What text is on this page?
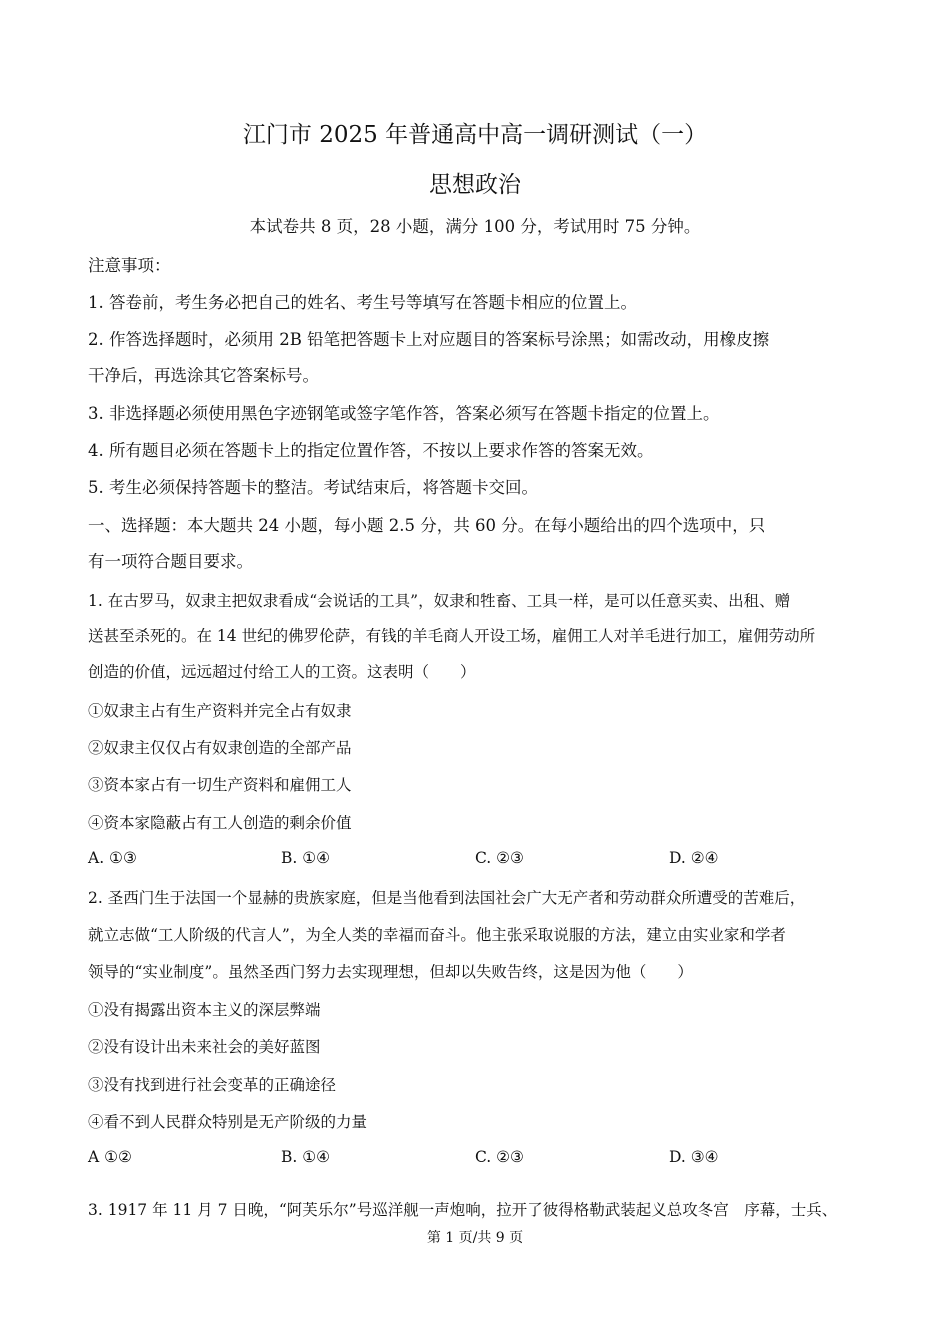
江门市 2025 年普通高中高一调研测试（一）
思想政治
本试卷共 8 页，28 小题，满分 100 分，考试用时 75 分钟。
注意事项：
1. 答卷前，考生务必把自己的姓名、考生号等填写在答题卡相应的位置上。
2. 作答选择题时，必须用 2B 铅笔把答题卡上对应题目的答案标号涂黑；如需改动，用橡皮擦
干净后，再选涂其它答案标号。
3. 非选择题必须使用黑色字迹钢笔或签字笔作答，答案必须写在答题卡指定的位置上。
4. 所有题目必须在答题卡上的指定位置作答，不按以上要求作答的答案无效。
5. 考生必须保持答题卡的整洁。考试结束后，将答题卡交回。
一、选择题：本大题共 24 小题，每小题 2.5 分，共 60 分。在每小题给出的四个选项中，只
有一项符合题目要求。
1. 在古罗马，奴隶主把奴隶看成“会说话的工具”，奴隶和牲畜、工具一样，是可以任意买卖、出租、赠
送甚至杀死的。在 14 世纪的佛罗伦萨，有钱的羊毛商人开设工场，雇佣工人对羊毛进行加工，雇佣劳动所
创造的价值，远远超过付给工人的工资。这表明（　　）
①奴隶主占有生产资料并完全占有奴隶
②奴隶主仅仅占有奴隶创造的全部产品
③资本家占有一切生产资料和雇佣工人
④资本家隐蔽占有工人创造的剩余价值
A. ①③	B. ①④	C. ②③	D. ②④
2. 圣西门生于法国一个显赫的贵族家庭，但是当他看到法国社会广大无产者和劳动群众所遭受的苦难后，
就立志做“工人阶级的代言人”，为全人类的幸福而奋斗。他主张采取说服的方法，建立由实业家和学者
领导的“实业制度”。虽然圣西门努力去实现理想，但却以失败告终，这是因为他（　　）
①没有揭露出资本主义的深层弊端
②没有设计出未来社会的美好蓝图
③没有找到进行社会变革的正确途径
④看不到人民群众特别是无产阶级的力量
A ①②	B. ①④	C. ②③	D. ③④
3. 1917 年 11 月 7 日晚，“阿芙乐尔”号巡洋舰一声炮响，拉开了彼得格勒武装起义总攻冬宫　序幕，士兵、
第 1 页/共 9 页
